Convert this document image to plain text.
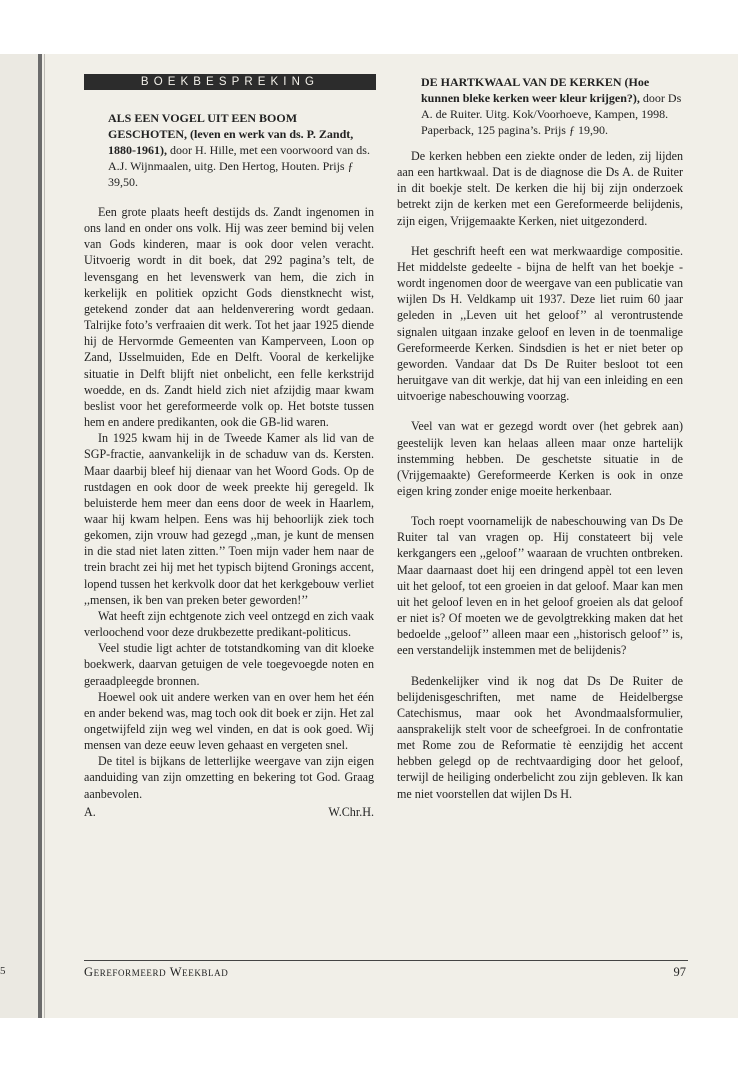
5
BOEKBESPREKING
ALS EEN VOGEL UIT EEN BOOM GESCHOTEN, (leven en werk van ds. P. Zandt, 1880-1961), door H. Hille, met een voorwoord van ds. A.J. Wijnmaalen, uitg. Den Hertog, Houten. Prijs ƒ 39,50.

Een grote plaats heeft destijds ds. Zandt ingenomen in ons land en onder ons volk. Hij was zeer bemind bij velen van Gods kinderen, maar is ook door velen veracht. Uitvoerig wordt in dit boek, dat 292 pagina’s telt, de levensgang en het levenswerk van hem, die zich in kerkelijk en politiek opzicht Gods dienstknecht wist, getekend zonder dat aan heldenverering wordt gedaan. Talrijke foto’s verfraaien dit werk. Tot het jaar 1925 diende hij de Hervormde Gemeenten van Kamperveen, Loon op Zand, IJsselmuiden, Ede en Delft. Vooral de kerkelijke situatie in Delft blijft niet onbelicht, een felle kerkstrijd woedde, en ds. Zandt hield zich niet afzijdig maar kwam beslist voor het gereformeerde volk op. Het botste tussen hem en andere predikanten, ook die GB-lid waren.

In 1925 kwam hij in de Tweede Kamer als lid van de SGP-fractie, aanvankelijk in de schaduw van ds. Kersten. Maar daarbij bleef hij dienaar van het Woord Gods. Op de rustdagen en ook door de week preekte hij geregeld. Ik beluisterde hem meer dan eens door de week in Haarlem, waar hij kwam helpen. Eens was hij behoorlijk ziek toch gekomen, zijn vrouw had gezegd ,,man, je kunt de mensen in die stad niet laten zitten.’’ Toen mijn vader hem naar de trein bracht zei hij met het typisch bijtend Gronings accent, lopend tussen het kerkvolk door dat het kerkgebouw verliet ,,mensen, ik ben van preken beter geworden!’’

Wat heeft zijn echtgenote zich veel ontzegd en zich vaak verloochend voor deze drukbezette predikant-politicus.

Veel studie ligt achter de totstandkoming van dit kloeke boekwerk, daarvan getuigen de vele toegevoegde noten en geraadpleegde bronnen.

Hoewel ook uit andere werken van en over hem het één en ander bekend was, mag toch ook dit boek er zijn. Het zal ongetwijfeld zijn weg wel vinden, en dat is ook goed. Wij mensen van deze eeuw leven gehaast en vergeten snel.

De titel is bijkans de letterlijke weergave van zijn eigen aanduiding van zijn omzetting en bekering tot God. Graag aanbevolen.

A.	W.Chr.H.
DE HARTKWAAL VAN DE KERKEN (Hoe kunnen bleke kerken weer kleur krijgen?), door Ds A. de Ruiter. Uitg. Kok/Voorhoeve, Kampen, 1998. Paperback, 125 pagina’s. Prijs ƒ 19,90.

De kerken hebben een ziekte onder de leden, zij lijden aan een hartkwaal. Dat is de diagnose die Ds A. de Ruiter in dit boekje stelt. De kerken die hij bij zijn onderzoek betrekt zijn de kerken met een Gereformeerde belijdenis, zijn eigen, Vrijgemaakte Kerken, niet uitgezonderd.

Het geschrift heeft een wat merkwaardige compositie. Het middelste gedeelte - bijna de helft van het boekje - wordt ingenomen door de weergave van een publicatie van wijlen Ds H. Veldkamp uit 1937. Deze liet ruim 60 jaar geleden in ,,Leven uit het geloof’’ al verontrustende signalen uitgaan inzake geloof en leven in de toenmalige Gereformeerde Kerken. Sindsdien is het er niet beter op geworden. Vandaar dat Ds De Ruiter besloot tot een heruitgave van dit werkje, dat hij van een inleiding en een uitvoerige nabeschouwing voorzag.

Veel van wat er gezegd wordt over (het gebrek aan) geestelijk leven kan helaas alleen maar onze hartelijk instemming hebben. De geschetste situatie in de (Vrijgemaakte) Gereformeerde Kerken is ook in onze eigen kring zonder enige moeite herkenbaar.

Toch roept voornamelijk de nabeschouwing van Ds De Ruiter tal van vragen op. Hij constateert bij vele kerkgangers een ,,geloof’’ waaraan de vruchten ontbreken. Maar daarnaast doet hij een dringend appèl tot een leven uit het geloof, tot een groeien in dat geloof. Maar kan men uit het geloof leven en in het geloof groeien als dat geloof er niet is? Of moeten we de gevolgtrekking maken dat het bedoelde ,,geloof’’ alleen maar een ,,historisch geloof’’ is, een verstandelijk instemmen met de belijdenis?

Bedenkelijker vind ik nog dat Ds De Ruiter de belijdenisgeschriften, met name de Heidelbergse Catechismus, maar ook het Avondmaalsformulier, aansprakelijk stelt voor de scheefgroei. In de confrontatie met Rome zou de Reformatie tè eenzijdig het accent hebben gelegd op de rechtvaardiging door het geloof, terwijl de heiliging onderbelicht zou zijn gebleven. Ik kan me niet voorstellen dat wijlen Ds H.

Gereformeerd Weekblad	97
